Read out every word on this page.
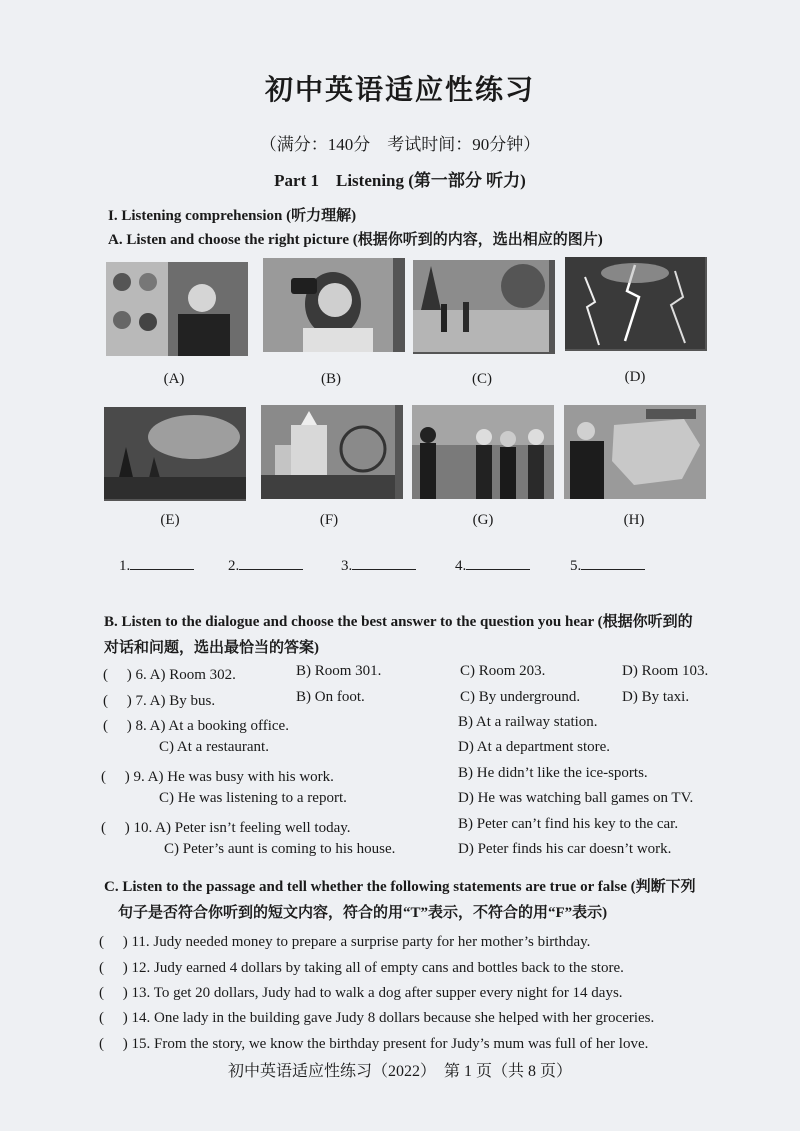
初中英语适应性练习
（满分：140分　考试时间：90分钟）
Part 1　Listening (第一部分 听力)
I. Listening comprehension (听力理解)
A. Listen and choose the right picture (根据你听到的内容，选出相应的图片)
(A)	(B)	(C)	(D)
(E)	(F)	(G)	(H)
1.	2.	3.	4.	5.
B. Listen to the dialogue and choose the best answer to the question you hear (根据你听到的
对话和问题，选出最恰当的答案)
(　 ) 6. A) Room 302.	B) Room 301.	C) Room 203.	D) Room 103.
(　 ) 7. A) By bus.	B) On foot.	C) By underground.	D) By taxi.
(　 ) 8. A) At a booking office.	B) At a railway station.
C) At a restaurant.	D) At a department store.
(　 ) 9. A) He was busy with his work.	B) He didn’t like the ice-sports.
C) He was listening to a report.	D) He was watching ball games on TV.
(　 ) 10. A) Peter isn’t feeling well today.	B) Peter can’t find his key to the car.
C) Peter’s aunt is coming to his house.	D) Peter finds his car doesn’t work.
C. Listen to the passage and tell whether the following statements are true or false (判断下列
句子是否符合你听到的短文内容，符合的用“T”表示，不符合的用“F”表示)
(　 ) 11. Judy needed money to prepare a surprise party for her mother’s birthday.
(　 ) 12. Judy earned 4 dollars by taking all of empty cans and bottles back to the store.
(　 ) 13. To get 20 dollars, Judy had to walk a dog after supper every night for 14 days.
(　 ) 14. One lady in the building gave Judy 8 dollars because she helped with her groceries.
(　 ) 15. From the story, we know the birthday present for Judy’s mum was full of her love.
初中英语适应性练习（2022）　第 1 页（共 8 页）
